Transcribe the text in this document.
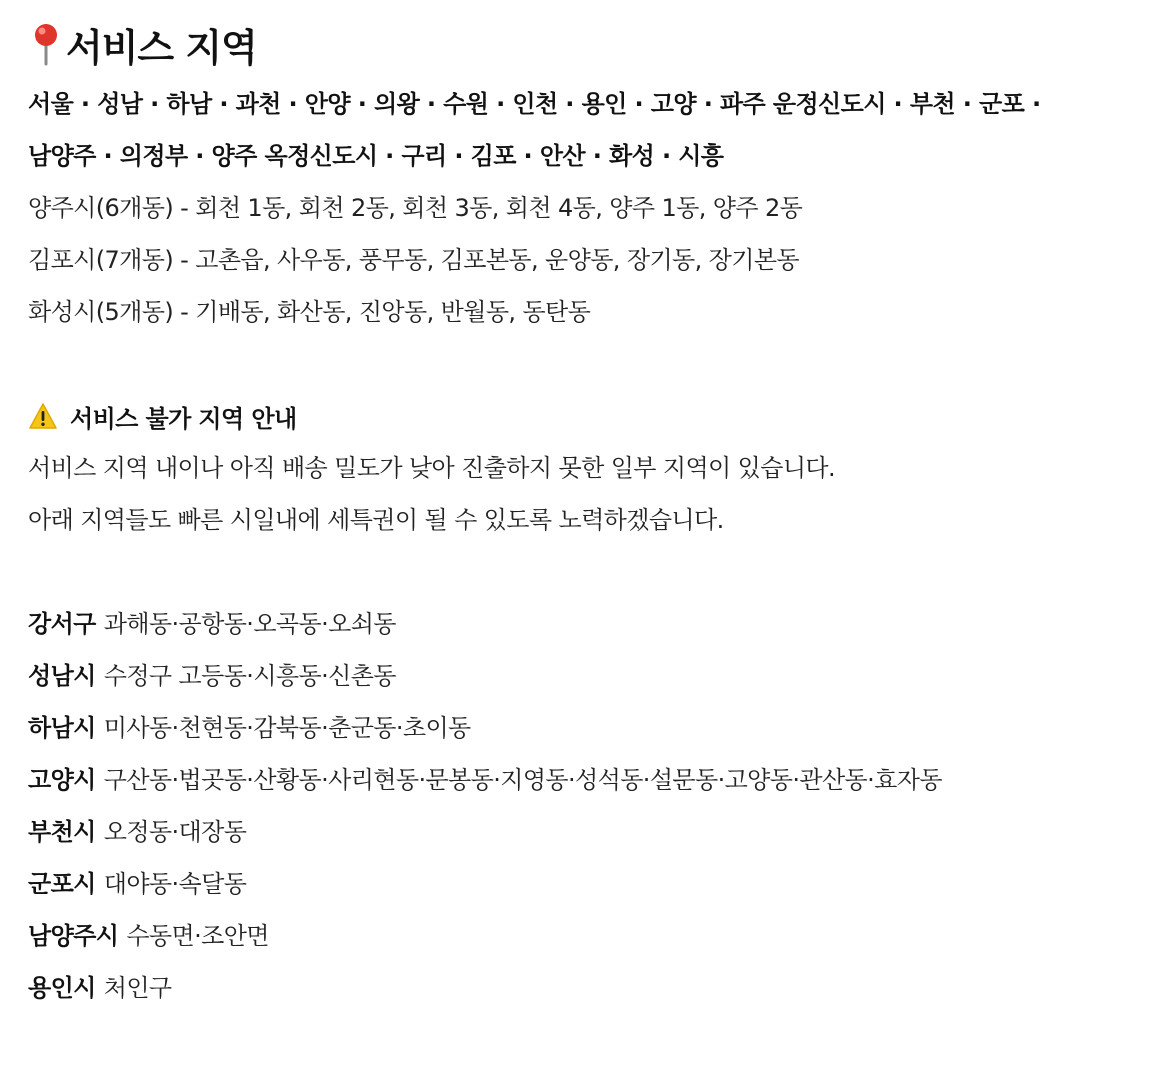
서비스 지역
서울 · 성남 · 하남 · 과천 · 안양 · 의왕 · 수원 · 인천 · 용인 · 고양 · 파주 운정신도시 · 부천 · 군포 ·
남양주 · 의정부 · 양주 옥정신도시 · 구리 · 김포 · 안산 · 화성 · 시흥
양주시(6개동) - 회천 1동, 회천 2동, 회천 3동, 회천 4동, 양주 1동, 양주 2동
김포시(7개동) - 고촌읍, 사우동, 풍무동, 김포본동, 운양동, 장기동, 장기본동
화성시(5개동) - 기배동, 화산동, 진앙동, 반월동, 동탄동
서비스 불가 지역 안내
서비스 지역 내이나 아직 배송 밀도가 낮아 진출하지 못한 일부 지역이 있습니다.
아래 지역들도 빠른 시일내에 세특권이 될 수 있도록 노력하겠습니다.
강서구 과해동·공항동·오곡동·오쇠동
성남시 수정구 고등동·시흥동·신촌동
하남시 미사동·천현동·감북동·춘군동·초이동
고양시 구산동·법곳동·산황동·사리현동·문봉동·지영동·성석동·설문동·고양동·관산동·효자동
부천시 오정동·대장동
군포시 대야동·속달동
남양주시 수동면·조안면
용인시 처인구
